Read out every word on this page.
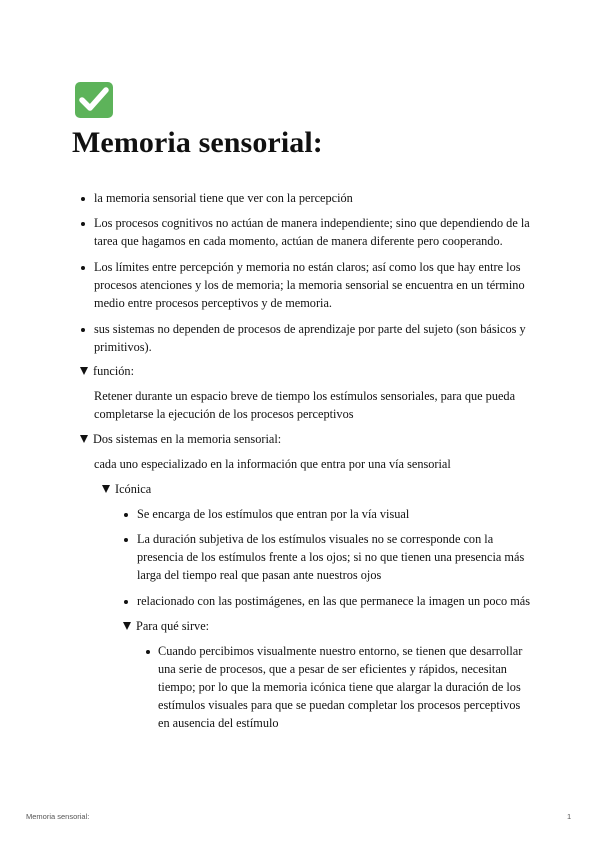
Memoria sensorial:

la memoria sensorial tiene que ver con la percepción

Los procesos cognitivos no actúan de manera independiente; sino que dependiendo de la

tarea que hagamos en cada momento, actúan de manera diferente pero cooperando.

Los límites entre percepción y memoria no están claros; así como los que hay entre los

procesos atenciones y los de memoria; la memoria sensorial se encuentra en un término

medio entre procesos perceptivos y de memoria.

sus sistemas no dependen de procesos de aprendizaje por parte del sujeto (son básicos y

primitivos).

función:

Retener durante un espacio breve de tiempo los estímulos sensoriales, para que pueda

completarse la ejecución de los procesos perceptivos

Dos sistemas en la memoria sensorial:

cada uno especializado en la información que entra por una vía sensorial

Icónica

Se encarga de los estímulos que entran por la vía visual

La duración subjetiva de los estímulos visuales no se corresponde con la

presencia de los estímulos frente a los ojos; si no que tienen una presencia más

larga del tiempo real que pasan ante nuestros ojos

relacionado con las postimágenes, en las que permanece la imagen un poco más

Para qué sirve:

Cuando percibimos visualmente nuestro entorno, se tienen que desarrollar

una serie de procesos, que a pesar de ser eficientes y rápidos, necesitan

tiempo; por lo que la memoria icónica tiene que alargar la duración de los

estímulos visuales para que se puedan completar los procesos perceptivos

en ausencia del estímulo

Memoria sensorial:	1
